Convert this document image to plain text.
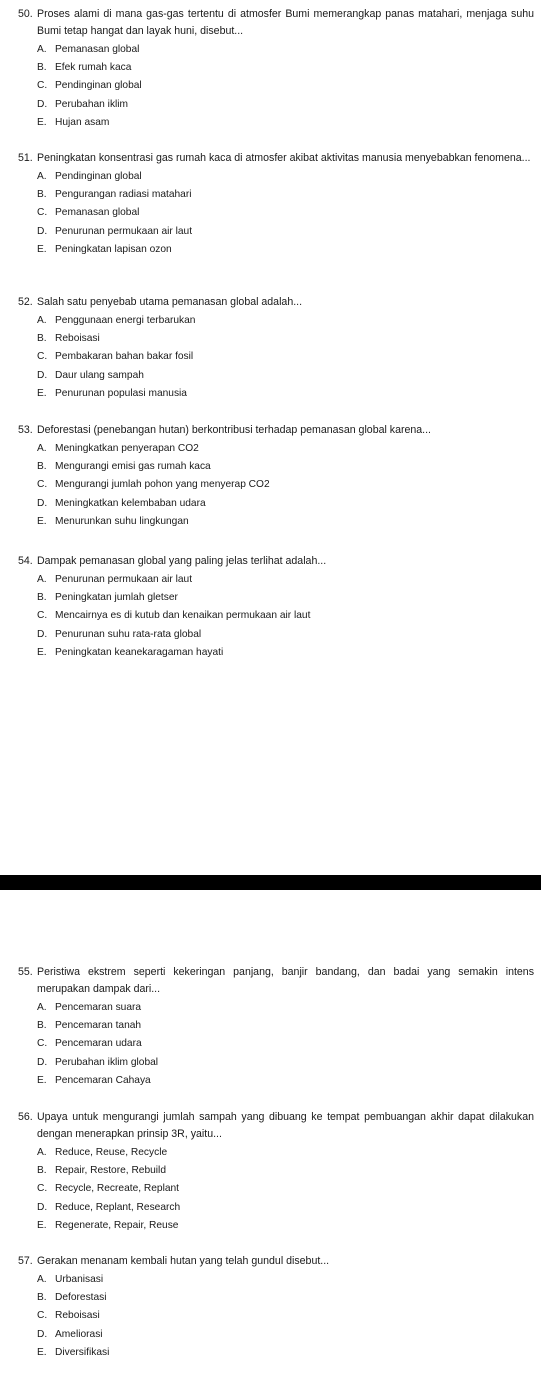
50. Proses alami di mana gas-gas tertentu di atmosfer Bumi memerangkap panas matahari, menjaga suhu Bumi tetap hangat dan layak huni, disebut...
A. Pemanasan global
B. Efek rumah kaca
C. Pendinginan global
D. Perubahan iklim
E. Hujan asam
51. Peningkatan konsentrasi gas rumah kaca di atmosfer akibat aktivitas manusia menyebabkan fenomena...
A. Pendinginan global
B. Pengurangan radiasi matahari
C. Pemanasan global
D. Penurunan permukaan air laut
E. Peningkatan lapisan ozon
52. Salah satu penyebab utama pemanasan global adalah...
A. Penggunaan energi terbarukan
B. Reboisasi
C. Pembakaran bahan bakar fosil
D. Daur ulang sampah
E. Penurunan populasi manusia
53. Deforestasi (penebangan hutan) berkontribusi terhadap pemanasan global karena...
A. Meningkatkan penyerapan CO2
B. Mengurangi emisi gas rumah kaca
C. Mengurangi jumlah pohon yang menyerap CO2
D. Meningkatkan kelembaban udara
E. Menurunkan suhu lingkungan
54. Dampak pemanasan global yang paling jelas terlihat adalah...
A. Penurunan permukaan air laut
B. Peningkatan jumlah gletser
C. Mencairnya es di kutub dan kenaikan permukaan air laut
D. Penurunan suhu rata-rata global
E. Peningkatan keanekaragaman hayati
55. Peristiwa ekstrem seperti kekeringan panjang, banjir bandang, dan badai yang semakin intens merupakan dampak dari...
A. Pencemaran suara
B. Pencemaran tanah
C. Pencemaran udara
D. Perubahan iklim global
E. Pencemaran Cahaya
56. Upaya untuk mengurangi jumlah sampah yang dibuang ke tempat pembuangan akhir dapat dilakukan dengan menerapkan prinsip 3R, yaitu...
A. Reduce, Reuse, Recycle
B. Repair, Restore, Rebuild
C. Recycle, Recreate, Replant
D. Reduce, Replant, Research
E. Regenerate, Repair, Reuse
57. Gerakan menanam kembali hutan yang telah gundul disebut...
A. Urbanisasi
B. Deforestasi
C. Reboisasi
D. Ameliorasi
E. Diversifikasi
